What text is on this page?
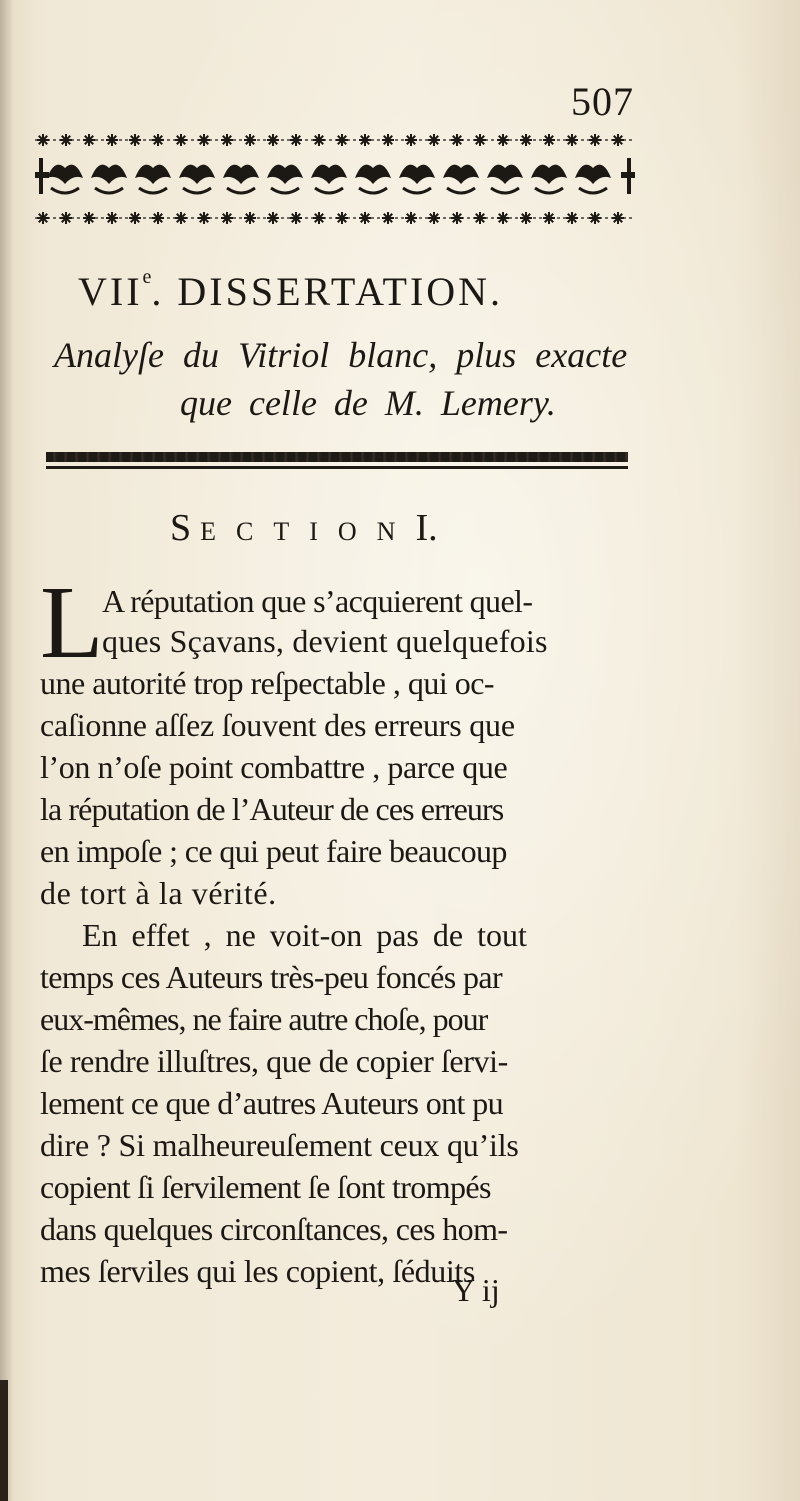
507
VIIe. DISSERTATION.
Analyſe du Vitriol blanc, plus exacte
que celle de M. Lemery.
S ECTIONI.
L
A réputation que s’acquierent quel-
ques Sçavans, devient quelquefois
une autorité trop reſpectable , qui oc-
caſionne aſſez ſouvent des erreurs que
l’on n’oſe point combattre , parce que
la réputation de l’Auteur de ces erreurs
en impoſe ; ce qui peut faire beaucoup
de tort à la vérité.
En effet , ne voit-on pas de tout
temps ces Auteurs très-peu foncés par
eux-mêmes, ne faire autre choſe, pour
ſe rendre illuſtres, que de copier ſervi-
lement ce que d’autres Auteurs ont pu
dire ? Si malheureuſement ceux qu’ils
copient ſi ſervilement ſe ſont trompés
dans quelques circonſtances, ces hom-
mes ſerviles qui les copient, ſéduits
Y ij
